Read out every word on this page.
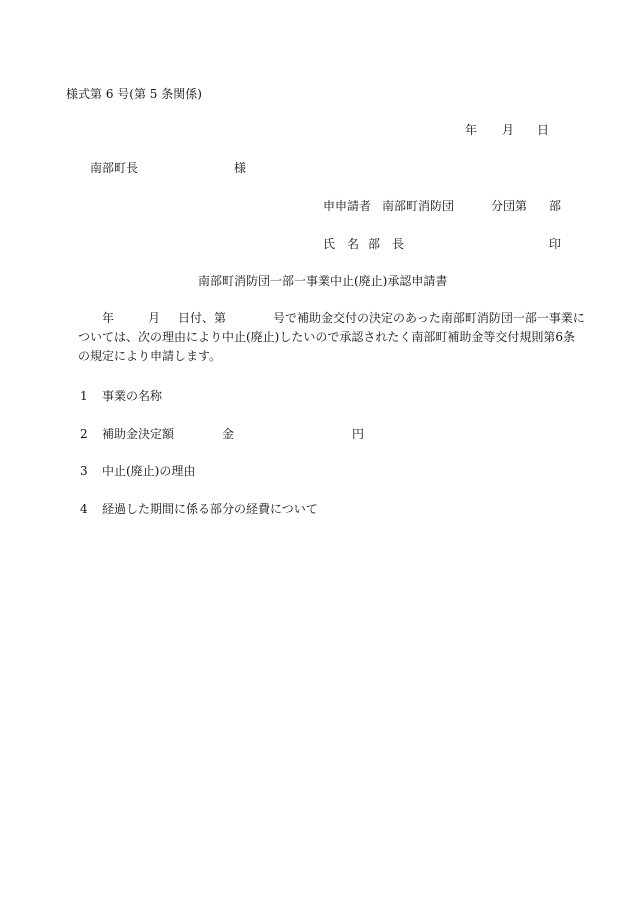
様式第 6 号(第 5 条関係)
年 月 日
南部町長	様
申申請者 南部町消防団	分団第 部
氏　名 部　長	印
南部町消防団一部一事業中止(廃止)承認申請書
年	月 日付、第	号で補助金交付の決定のあった南部町消防団一部一事業に
ついては、次の理由により中止(廃止)したいので承認されたく南部町補助金等交付規則第6条
の規定により申請します。
1 事業の名称
2 補助金決定額	金	円
3 中止(廃止)の理由
4 経過した期間に係る部分の経費について
